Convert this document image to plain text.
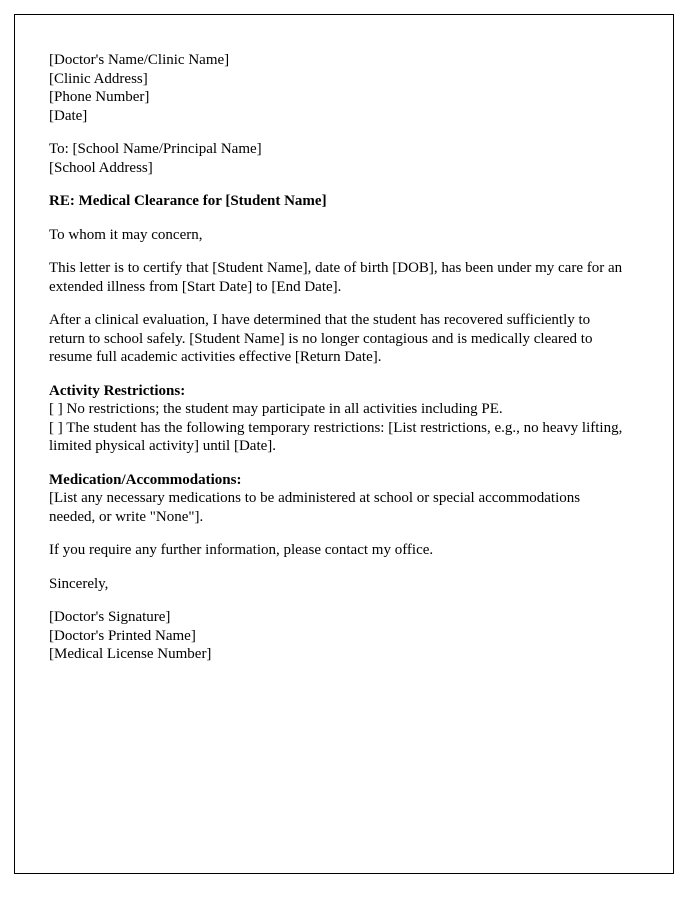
[Doctor's Name/Clinic Name]

[Clinic Address]

[Phone Number]

[Date]

To: [School Name/Principal Name]

[School Address]

RE: Medical Clearance for [Student Name]

To whom it may concern,

This letter is to certify that [Student Name], date of birth [DOB], has been under my care for an extended illness from [Start Date] to [End Date].

After a clinical evaluation, I have determined that the student has recovered sufficiently to return to school safely. [Student Name] is no longer contagious and is medically cleared to resume full academic activities effective [Return Date].

Activity Restrictions:

[ ] No restrictions; the student may participate in all activities including PE.

[ ] The student has the following temporary restrictions: [List restrictions, e.g., no heavy lifting, limited physical activity] until [Date].

Medication/Accommodations:

[List any necessary medications to be administered at school or special accommodations needed, or write "None"].

If you require any further information, please contact my office.

Sincerely,

[Doctor's Signature]

[Doctor's Printed Name]

[Medical License Number]
